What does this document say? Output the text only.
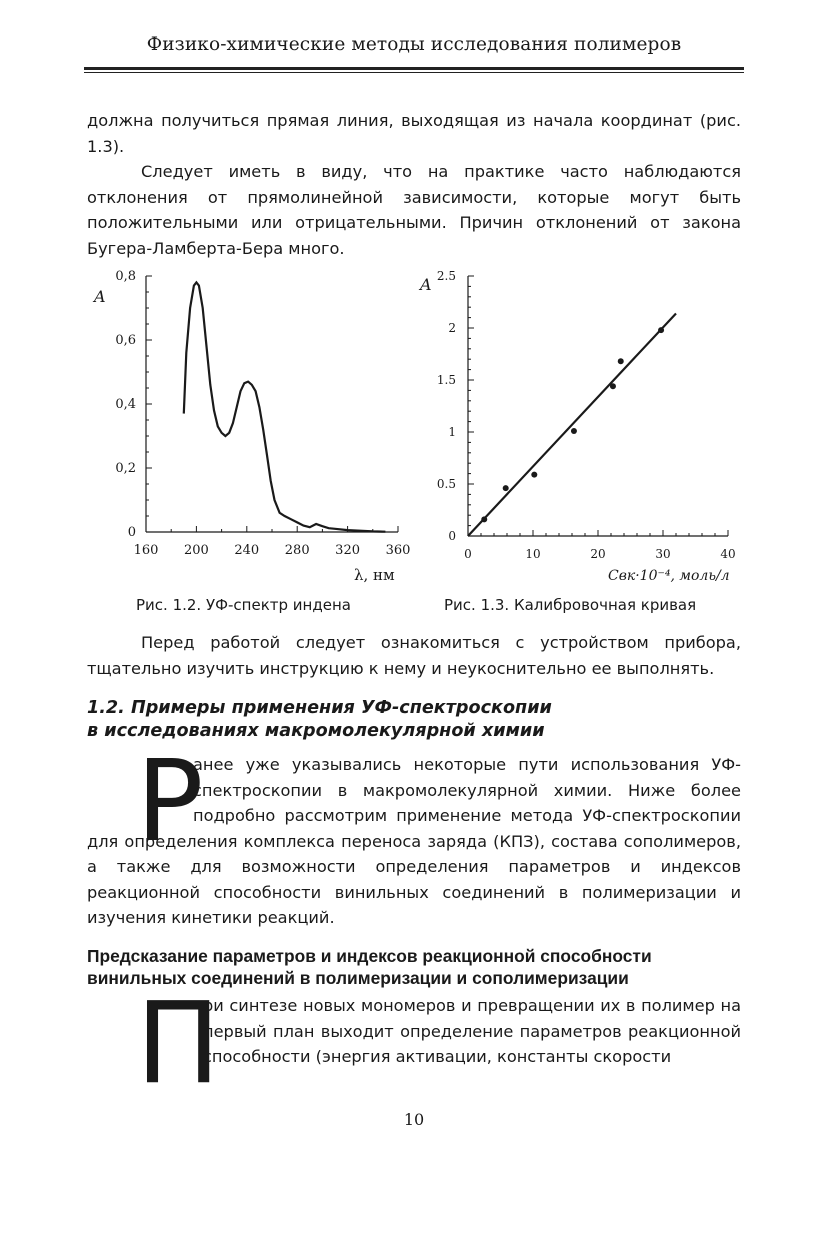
Физико-химические методы исследования полимеров

должна получиться прямая линия, выходящая из начала координат (рис. 1.3).

Следует иметь в виду, что на практике часто наблюдаются отклонения от прямолинейной зависимости, которые могут быть положительными или отрицательными. Причин отклонений от закона Бугера-Ламберта-Бера много.

160 200 240 280 320 360
0
0,2
0,4
0,6
0,8
A
λ, нм
0	10	20	30	40
0
0.5
1
1.5
2
2.5
A
Cвк·10⁻⁴, моль/л
Рис. 1.2. УФ-спектр индена	Рис. 1.3. Калибровочная кривая

Перед работой следует ознакомиться с устройством прибора, тщательно изучить инструкцию к нему и неукоснительно ее выполнять.

1.2. Примеры применения УФ-спектроскопии
в исследованиях макромолекулярной химии
Р

анее уже указывались некоторые пути использования УФ-спектроскопии в макромолекулярной химии. Ниже более подробно рассмотрим применение метода УФ-спектроскопии для определения комплекса переноса заряда (КПЗ), состава сополимеров, а также для возможности определения параметров и индексов реакционной способности винильных соединений в полимеризации и изучения кинетики реакций.

Предсказание параметров и индексов реакционной способности
винильных соединений в полимеризации и сополимеризации
П

ри синтезе новых мономеров и превращении их в полимер на первый план выходит определение параметров реакционной способности (энергия активации, константы скорости

10
